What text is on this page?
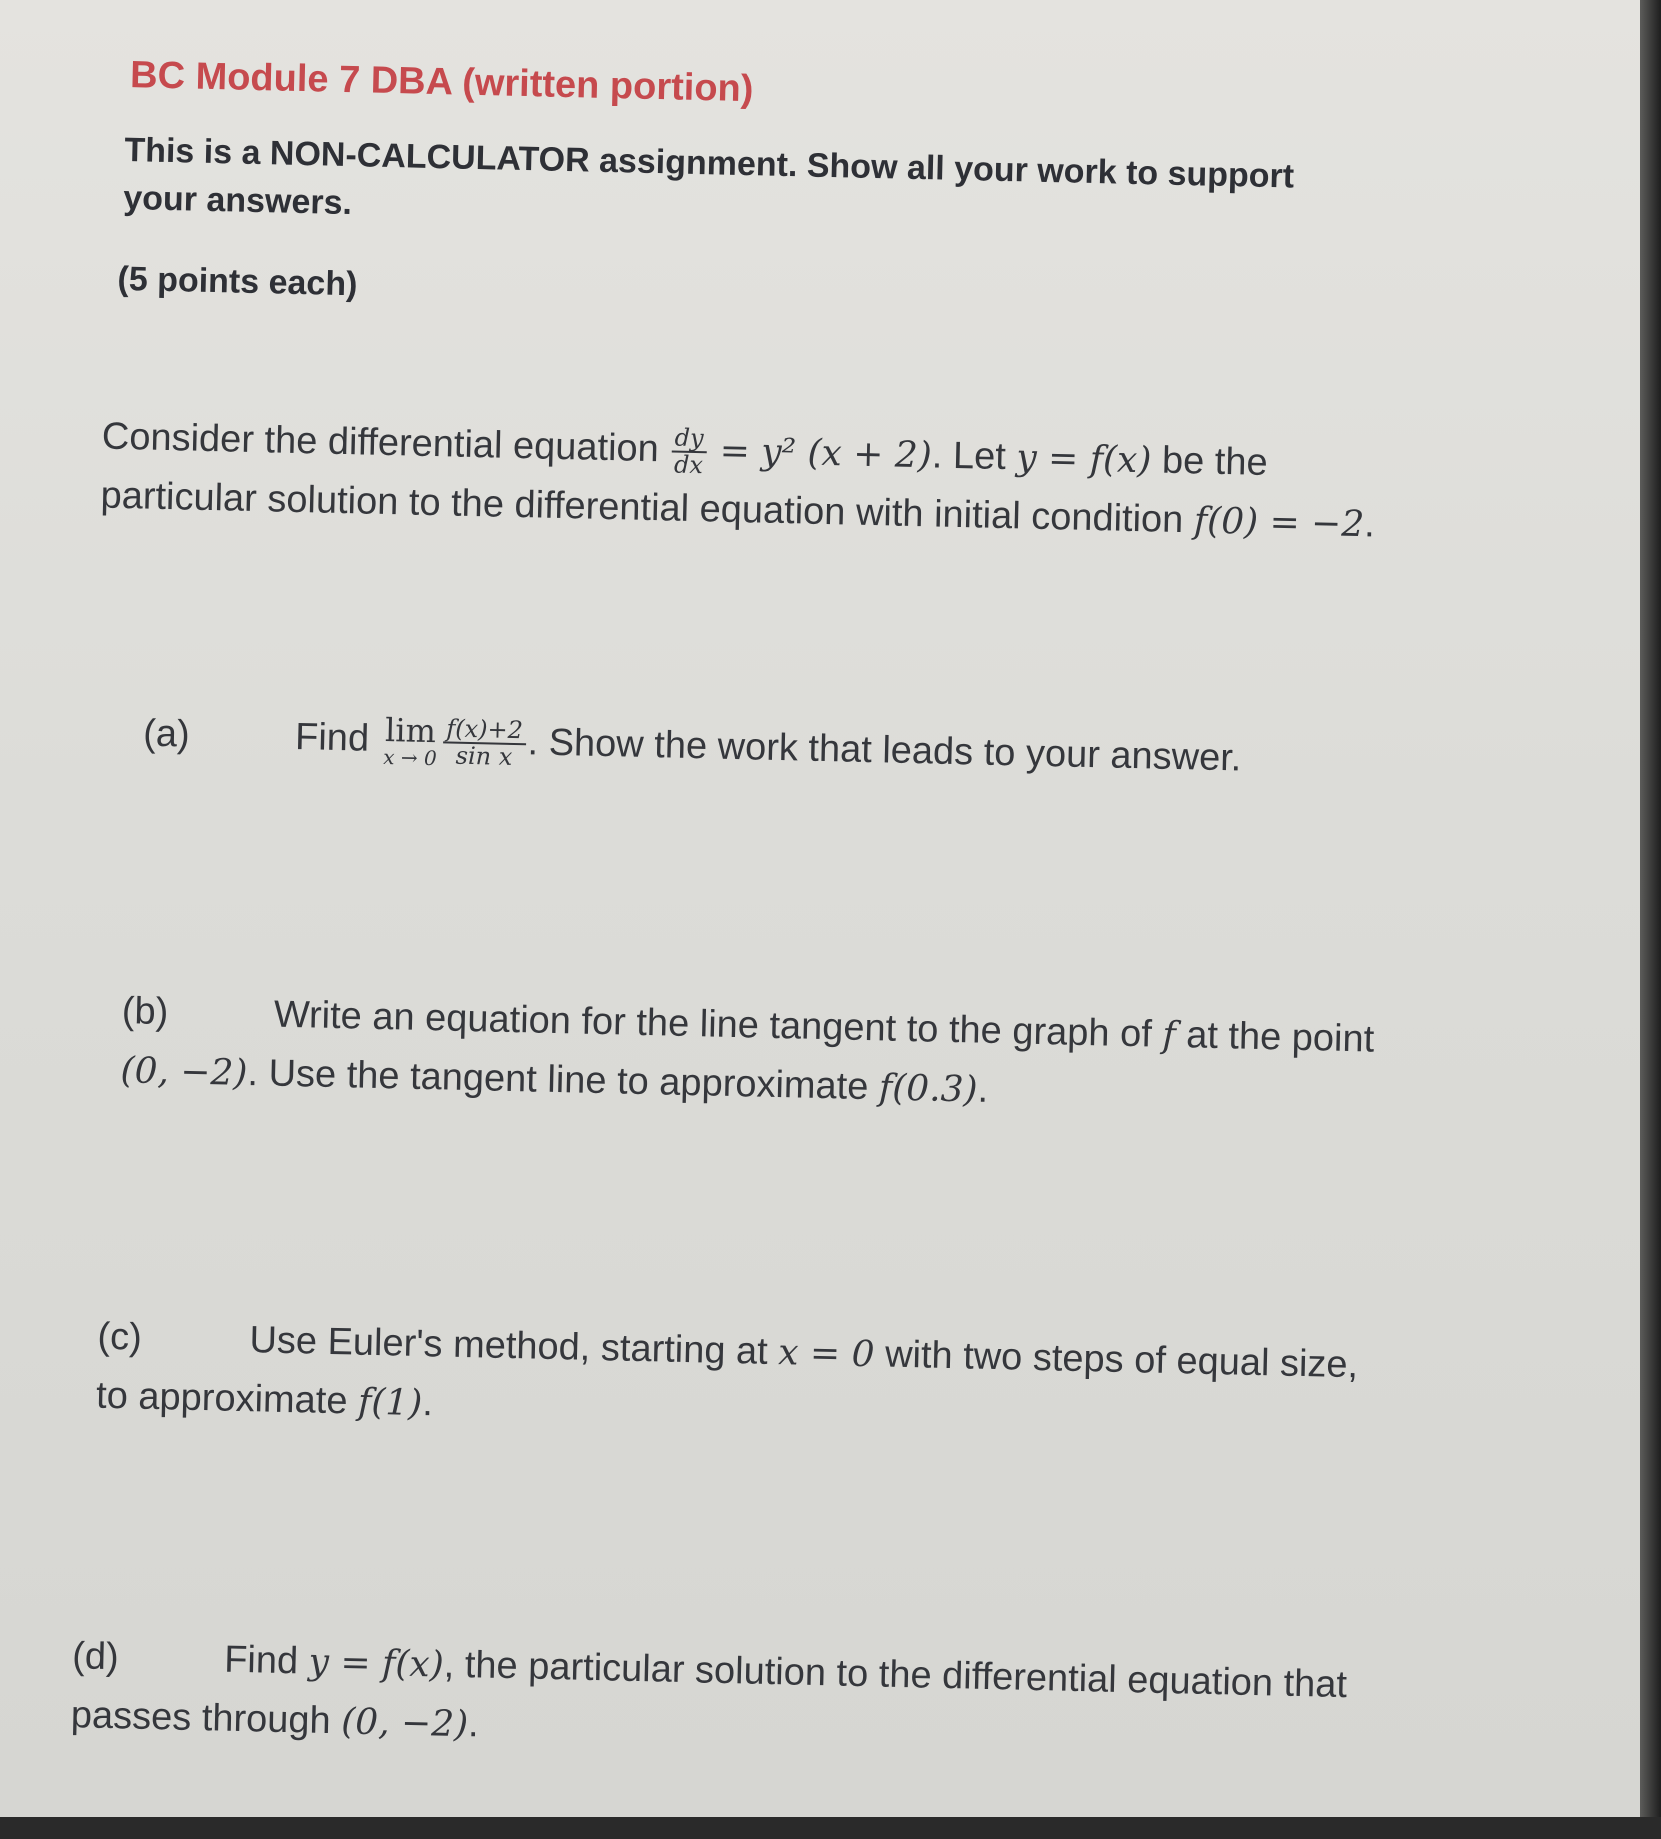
BC Module 7 DBA (written portion)
This is a NON-CALCULATOR assignment. Show all your work to support your answers.
(5 points each)
Consider the differential equation $\frac{dy}{dx} = y^2$ (x + 2). Let y = f(x) be the particular solution to the differential equation with initial condition f(0) = −2.
(a)	Find lim
$x \to 0 \frac{f(x)+2}{\text{sin x}}$ . Show the work that leads to your answer.
(b)	Write an equation for the line tangent to the graph of f at the point (0, −2). Use the tangent line to approximate f(0.3).
(c)	Use Euler's method, starting at x = 0 with two steps of equal size, to approximate f(1).
(d)	Find y = f(x), the particular solution to the differential equation that passes through (0, −2).
